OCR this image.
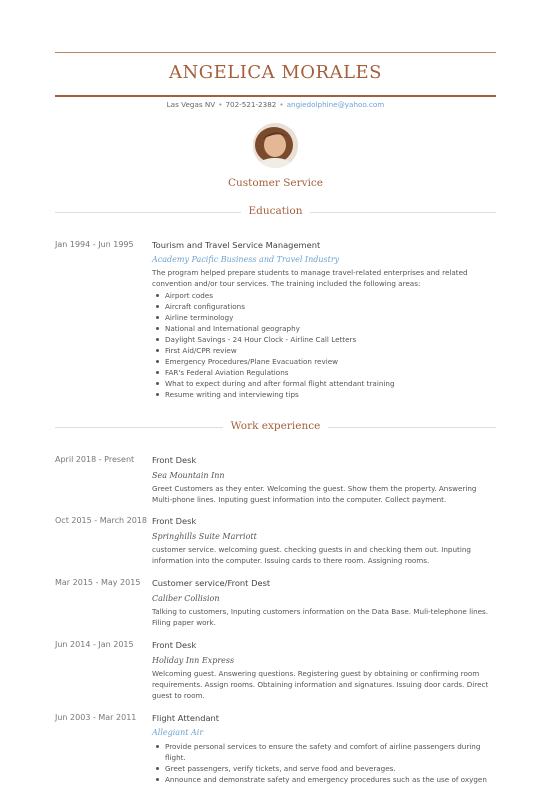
ANGELICA MORALES
Las Vegas NV • 702-521-2382 • angiedolphine@yahoo.com
Customer Service
Education
Jan 1994 - Jun 1995	Tourism and Travel Service Management
Academy Pacific Business and Travel Industry
The program helped prepare students to manage travel-related enterprises and related convention and/or tour services. The training included the following areas:
Airport codes
Aircraft configurations
Airline terminology
National and International geography
Daylight Savings - 24 Hour Clock - Airline Call Letters
First Aid/CPR review
Emergency Procedures/Plane Evacuation review
FAR's Federal Aviation Regulations
What to expect during and after formal flight attendant training
Resume writing and interviewing tips
Work experience
April 2018 - Present	Front Desk
Sea Mountain Inn
Greet Customers as they enter. Welcoming the guest. Show them the property. Answering Multi-phone lines. Inputing guest information into the computer. Collect payment.
Oct 2015 - March 2018 Front Desk
Springhills Suite Marriott
customer service. welcoming guest. checking guests in and checking them out. Inputing information into the computer. Issuing cards to there room. Assigning rooms.
Mar 2015 - May 2015	Customer service/Front Dest
Caliber Collision
Talking to customers, Inputing customers information on the Data Base. Muli-telephone lines. Filing paper work.
Jun 2014 - Jan 2015	Front Desk
Holiday Inn Express
Welcoming guest. Answering questions. Registering guest by obtaining or confirming room requirements. Assign rooms. Obtaining information and signatures. Issuing door cards. Direct guest to room.
Jun 2003 - Mar 2011	Flight Attendant
Allegiant Air
Provide personal services to ensure the safety and comfort of airline passengers during flight.
Greet passengers, verify tickets, and serve food and beverages.
Announce and demonstrate safety and emergency procedures such as the use of oxygen
